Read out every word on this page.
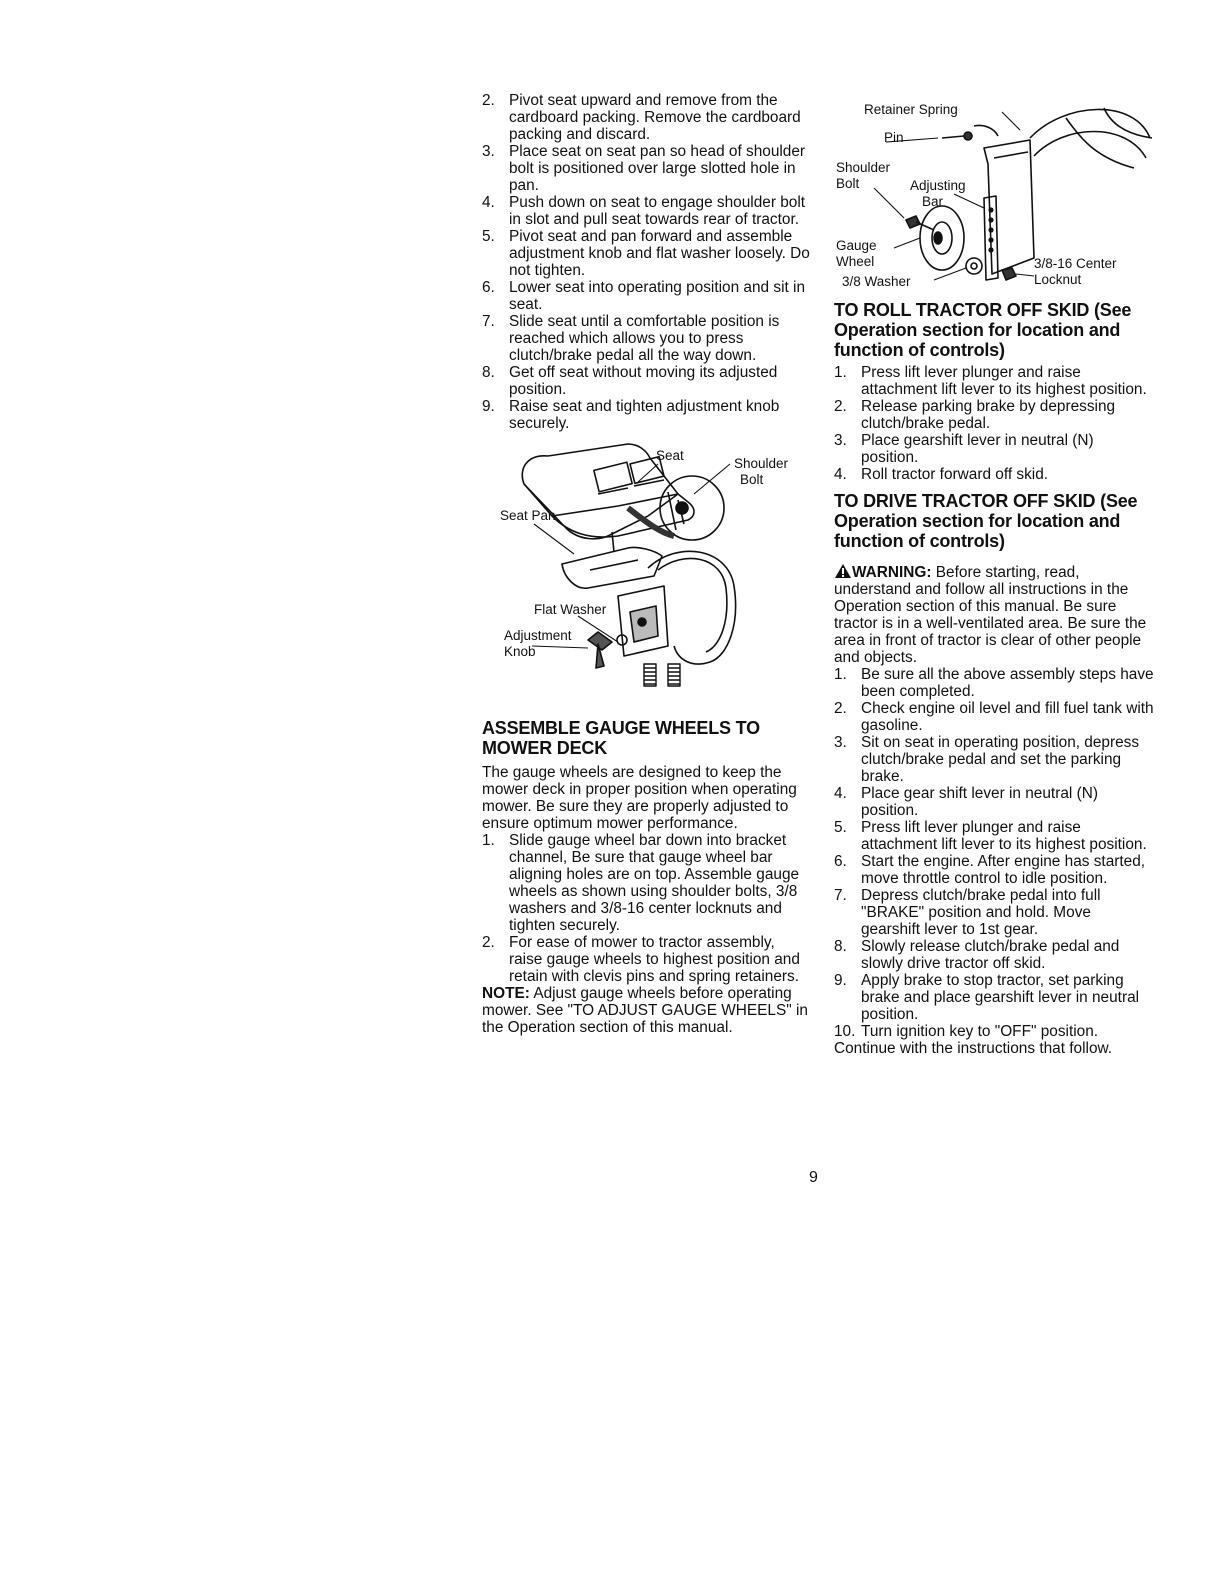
2. Pivot seat upward and remove from the cardboard packing. Remove the cardboard packing and discard.
3. Place seat on seat pan so head of shoulder bolt is positioned over large slotted hole in pan.
4. Push down on seat to engage shoulder bolt in slot and pull seat towards rear of tractor.
5. Pivot seat and pan forward and assemble adjustment knob and flat washer loosely. Do not tighten.
6. Lower seat into operating position and sit in seat.
7. Slide seat until a comfortable position is reached which allows you to press clutch/brake pedal all the way down.
8. Get off seat without moving its adjusted position.
9. Raise seat and tighten adjustment knob securely.
Seat
Shoulder
Bolt
Seat Pan
Flat Washer
Adjustment
Knob
ASSEMBLE GAUGE WHEELS TO MOWER DECK

The gauge wheels are designed to keep the mower deck in proper position when operating mower. Be sure they are properly adjusted to ensure optimum mower performance.

1. Slide gauge wheel bar down into bracket channel, Be sure that gauge wheel bar aligning holes are on top. Assemble gauge wheels as shown using shoulder bolts, 3/8 washers and 3/8-16 center locknuts and tighten securely.
2. For ease of mower to tractor assembly, raise gauge wheels to highest position and retain with clevis pins and spring retainers.

NOTE: Adjust gauge wheels before operating mower. See "TO ADJUST GAUGE WHEELS" in the Operation section of this manual.

Retainer Spring
Pin
Shoulder
Bolt	Adjusting
Bar
Gauge
Wheel	3/8-16 Center
Locknut
3/8 Washer
TO ROLL TRACTOR OFF SKID (See Operation section for location and function of controls)
1. Press lift lever plunger and raise attachment lift lever to its highest position.
2. Release parking brake by depressing clutch/brake pedal.
3. Place gearshift lever in neutral (N) position.
4. Roll tractor forward off skid.
TO DRIVE TRACTOR OFF SKID (See Operation section for location and function of controls)

WARNING: Before starting, read, understand and follow all instructions in the Operation section of this manual. Be sure tractor is in a well-ventilated area. Be sure the area in front of tractor is clear of other people and objects.

1. Be sure all the above assembly steps have been completed.
2. Check engine oil level and fill fuel tank with gasoline.
3. Sit on seat in operating position, depress clutch/brake pedal and set the parking brake.
4. Place gear shift lever in neutral (N) position.
5. Press lift lever plunger and raise attachment lift lever to its highest position.
6. Start the engine. After engine has started, move throttle control to idle position.
7. Depress clutch/brake pedal into full "BRAKE" position and hold. Move gearshift lever to 1st gear.
8. Slowly release clutch/brake pedal and slowly drive tractor off skid.
9. Apply brake to stop tractor, set parking brake and place gearshift lever in neutral position.
10. Turn ignition key to "OFF" position.

Continue with the instructions that follow.

9
